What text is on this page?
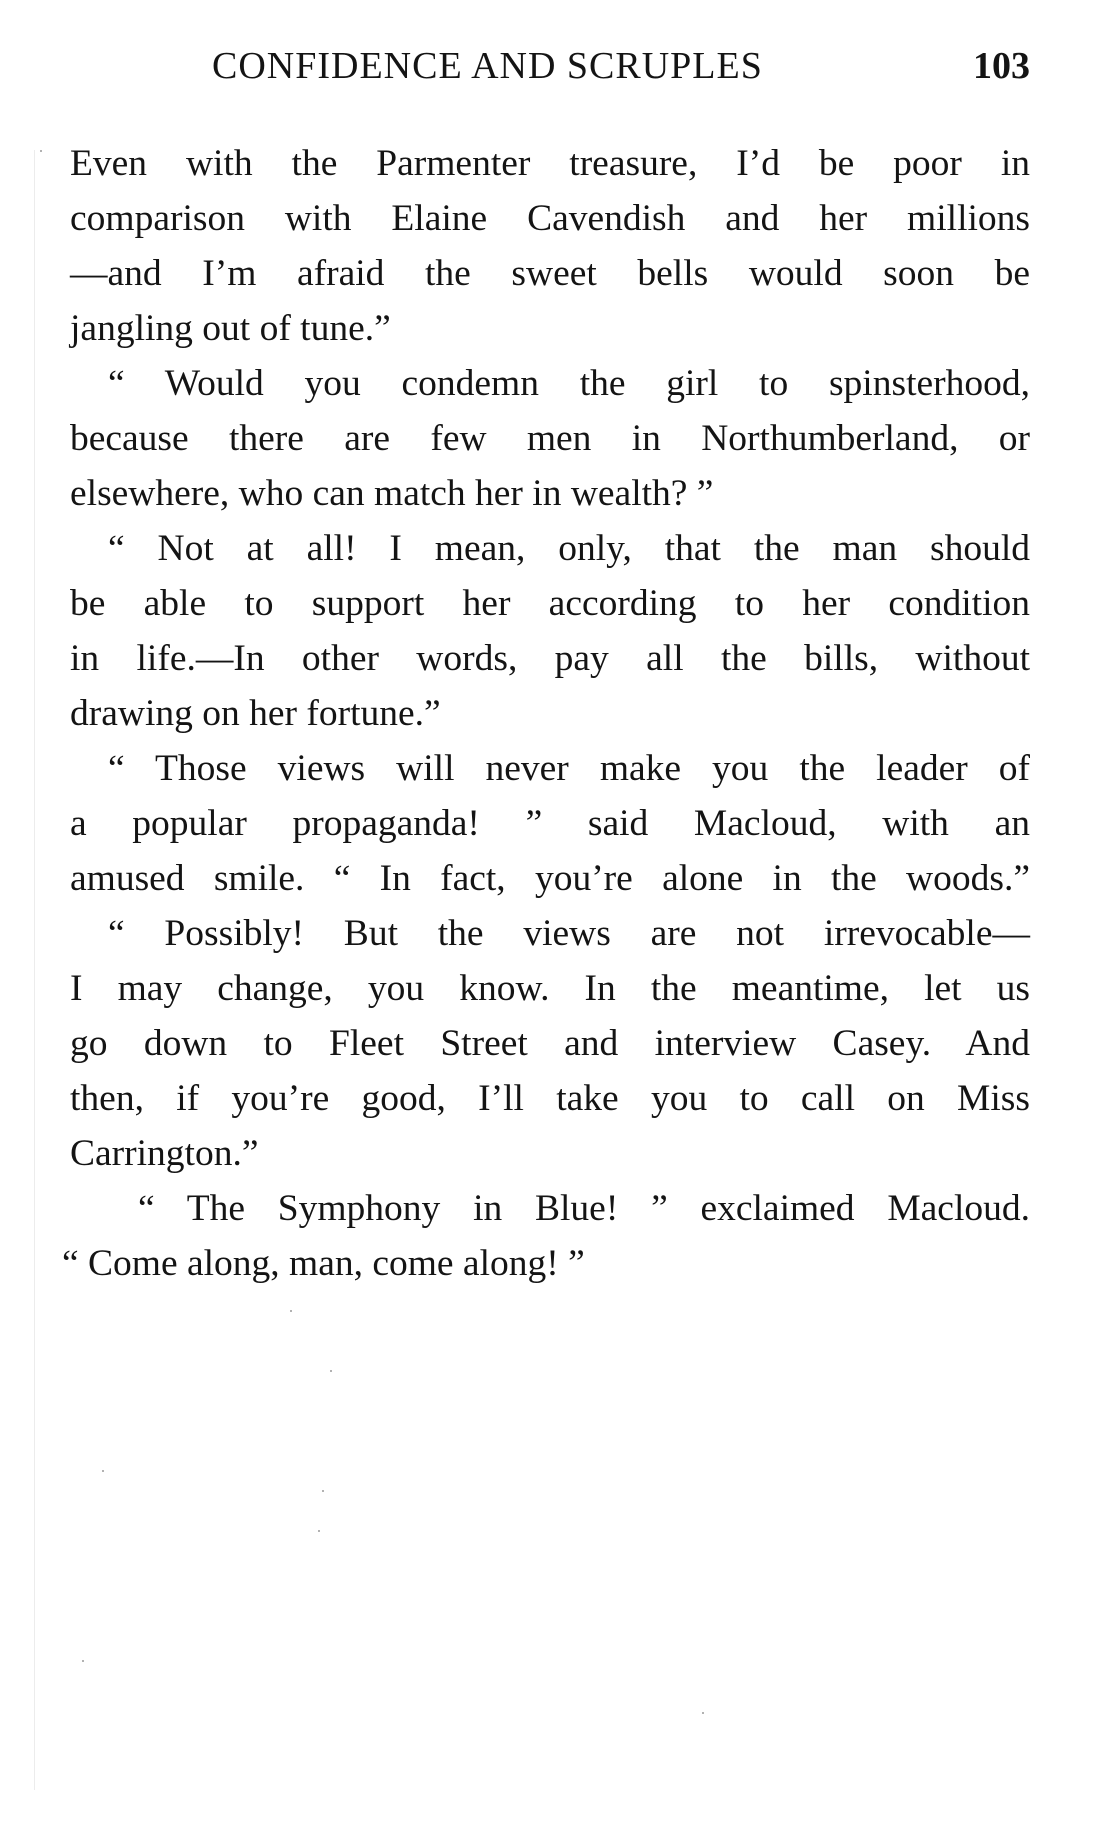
CONFIDENCE AND SCRUPLES	103
Even with the Parmenter treasure, I’d be poor in
comparison with Elaine Cavendish and her millions
—and I’m afraid the sweet bells would soon be
jangling out of tune.”
“ Would you condemn the girl to spinsterhood,
because there are few men in Northumberland, or
elsewhere, who can match her in wealth? ”
“ Not at all! I mean, only, that the man should
be able to support her according to her condition
in life.—In other words, pay all the bills, without
drawing on her fortune.”
“ Those views will never make you the leader of
a popular propaganda! ” said Macloud, with an
amused smile. “ In fact, you’re alone in the woods.”
“ Possibly! But the views are not irrevocable—
I may change, you know. In the meantime, let us
go down to Fleet Street and interview Casey. And
then, if you’re good, I’ll take you to call on Miss
Carrington.”
“ The Symphony in Blue! ” exclaimed Macloud.
“ Come along, man, come along! ”
